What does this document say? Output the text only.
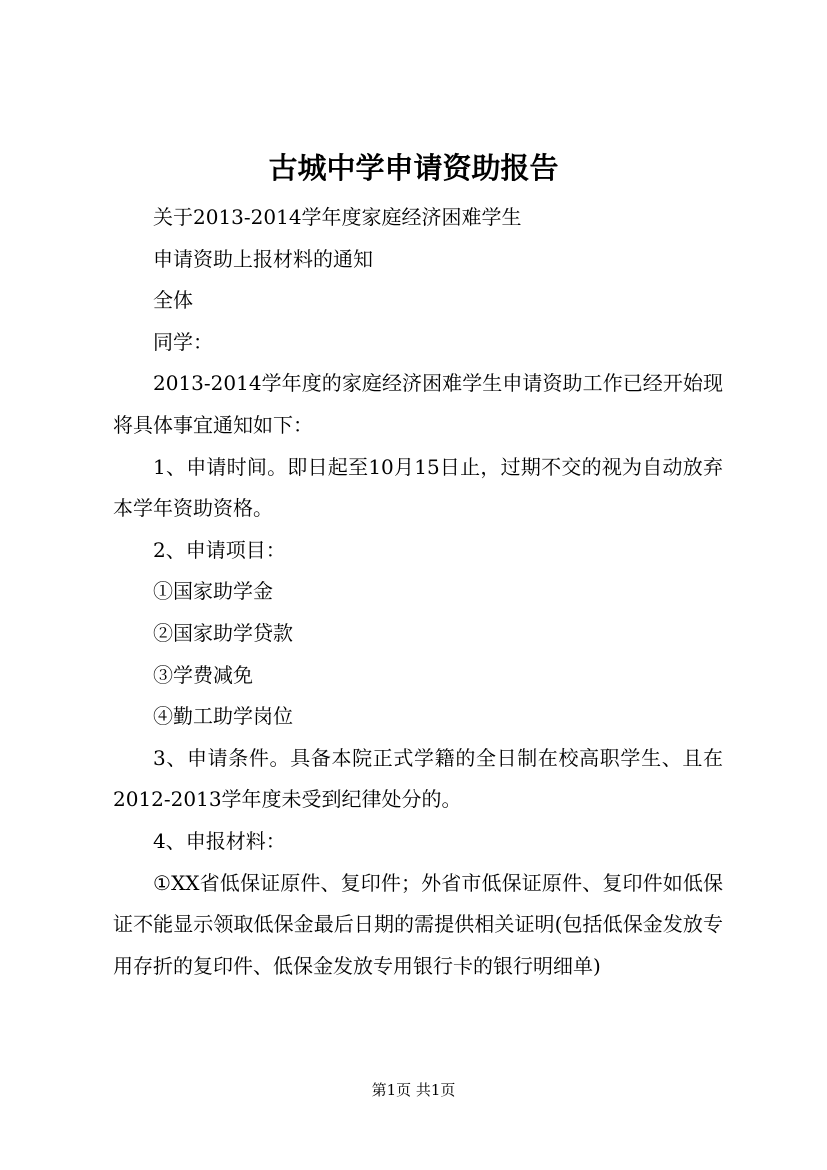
古城中学申请资助报告

关于2013-2014学年度家庭经济困难学生

申请资助上报材料的通知

全体

同学：

2013-2014学年度的家庭经济困难学生申请资助工作已经开始现将具体事宜通知如下：

1、申请时间。即日起至10月15日止，过期不交的视为自动放弃本学年资助资格。

2、申请项目：

①国家助学金

②国家助学贷款

③学费减免

④勤工助学岗位

3、申请条件。具备本院正式学籍的全日制在校高职学生、且在2012-2013学年度未受到纪律处分的。

4、申报材料：

①XX省低保证原件、复印件；外省市低保证原件、复印件如低保证不能显示领取低保金最后日期的需提供相关证明(包括低保金发放专用存折的复印件、低保金发放专用银行卡的银行明细单)

第1页 共1页
